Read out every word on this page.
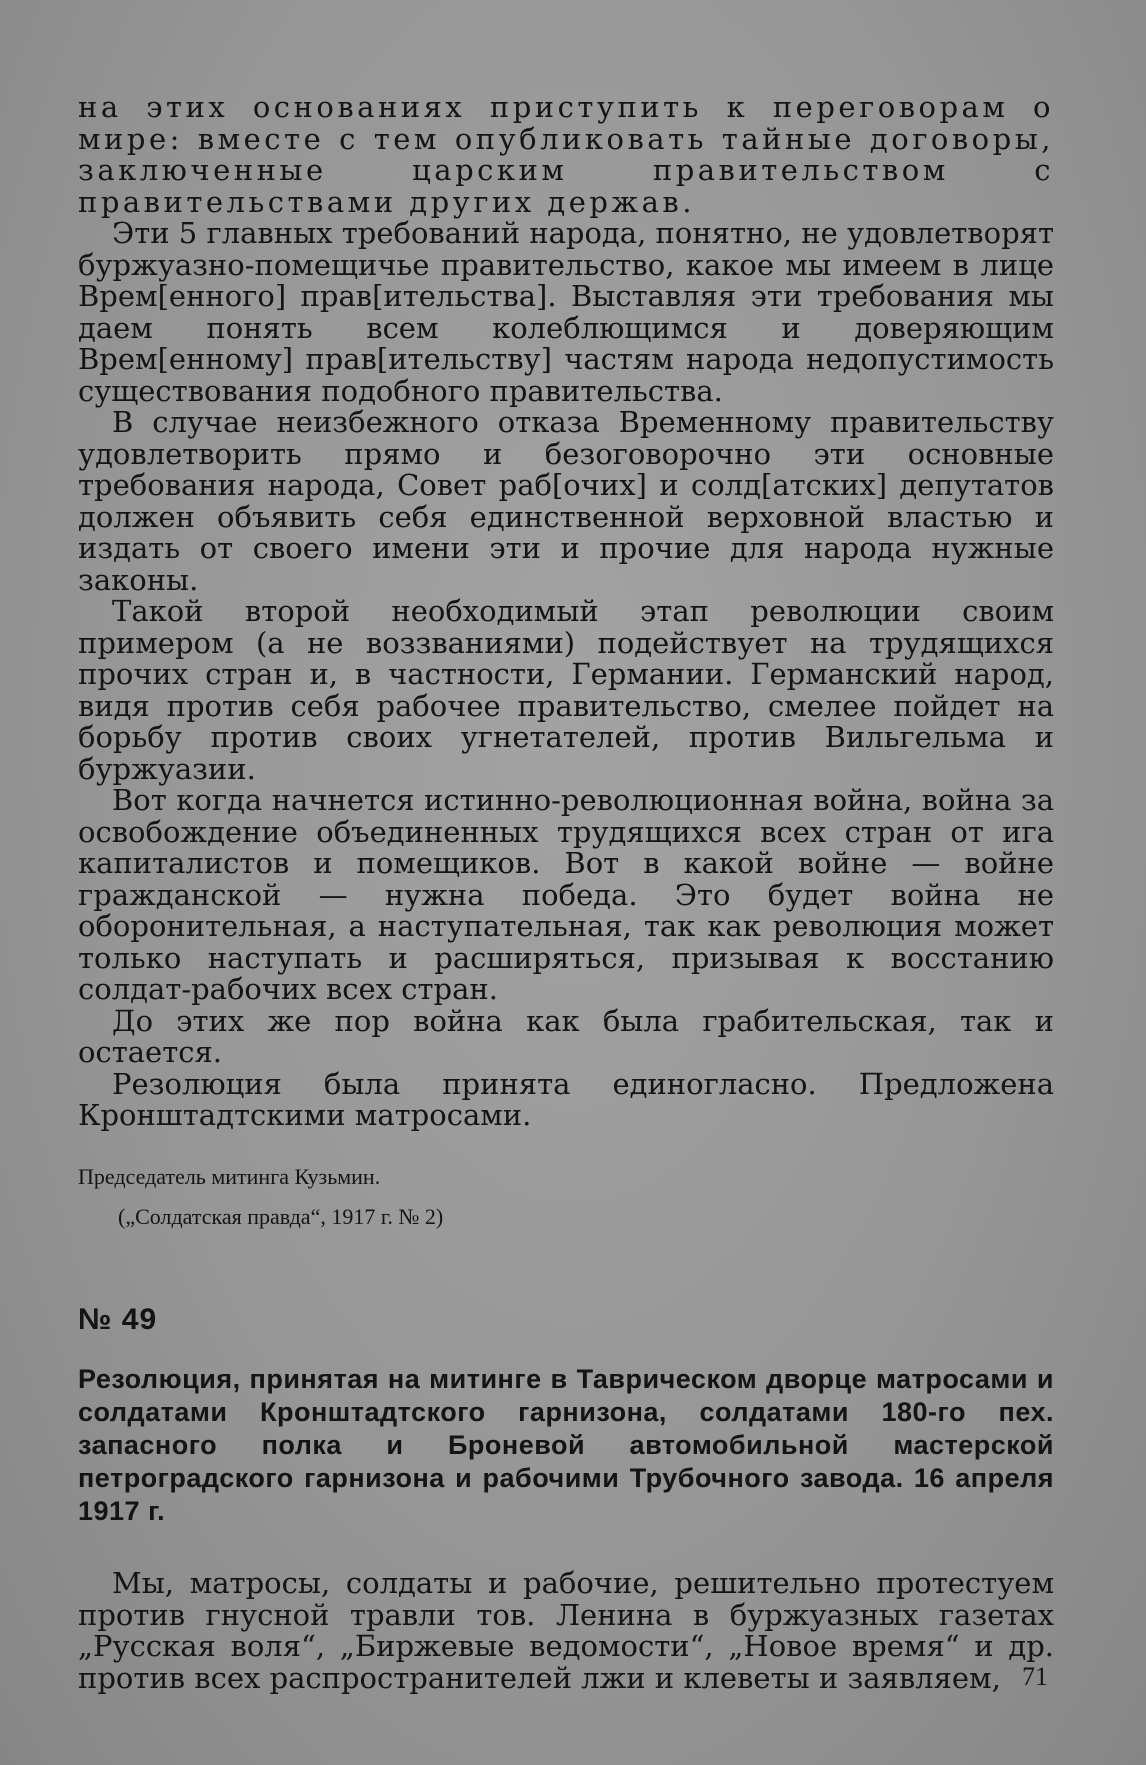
на этих основаниях приступить к переговорам о мире: вместе с тем опубликовать тайные договоры, заключенные царским правительством с правительствами других держав.

Эти 5 главных требований народа, понятно, не удовлетворят буржуазно-помещичье правительство, какое мы имеем в лице Врем[енного] прав[ительства]. Выставляя эти требования мы даем понять всем колеблющимся и доверяющим Врем[енному] прав[ительству] частям народа недопустимость существования подобного правительства.

В случае неизбежного отказа Временному правительству удовлетворить прямо и безоговорочно эти основные требования народа, Совет раб[очих] и солд[атских] депутатов должен объявить себя единственной верховной властью и издать от своего имени эти и прочие для народа нужные законы.

Такой второй необходимый этап революции своим примером (а не воззваниями) подействует на трудящихся прочих стран и, в частности, Германии. Германский народ, видя против себя рабочее правительство, смелее пойдет на борьбу против своих угнетателей, против Вильгельма и буржуазии.

Вот когда начнется истинно-революционная война, война за освобождение объединенных трудящихся всех стран от ига капиталистов и помещиков. Вот в какой войне — войне гражданской — нужна победа. Это будет война не оборонительная, а наступательная, так как революция может только наступать и расширяться, призывая к восстанию солдат-рабочих всех стран.

До этих же пор война как была грабительская, так и остается.

Резолюция была принята единогласно. Предложена Кронштадтскими матросами.

Председатель митинга Кузьмин.

(„Солдатская правда“, 1917 г. № 2)

№ 49

Резолюция, принятая на митинге в Таврическом дворце матросами и солдатами Кронштадтского гарнизона, солдатами 180-го пех. запасного полка и Броневой автомобильной мастерской петроградского гарнизона и рабочими Трубочного завода. 16 апреля 1917 г.

Мы, матросы, солдаты и рабочие, решительно протестуем против гнусной травли тов. Ленина в буржуазных газетах „Русская воля“, „Биржевые ведомости“, „Новое время“ и др. против всех распространителей лжи и клеветы и заявляем, 71
